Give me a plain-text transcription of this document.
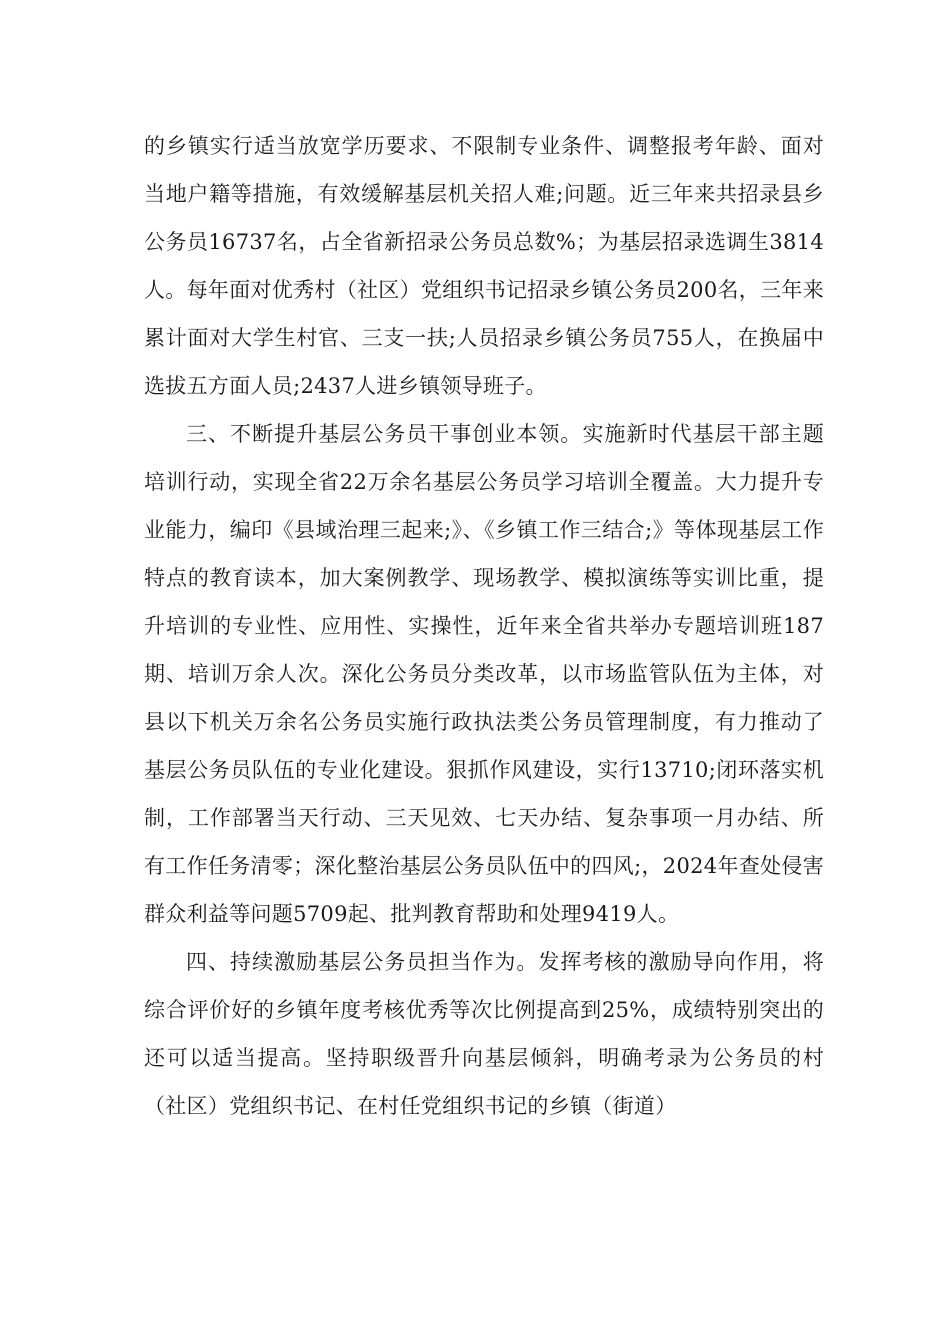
的乡镇实行适当放宽学历要求、不限制专业条件、调整报考年龄、面对当地户籍等措施，有效缓解基层机关招人难;问题。近三年来共招录县乡公务员16737名，占全省新招录公务员总数%；为基层招录选调生3814人。每年面对优秀村（社区）党组织书记招录乡镇公务员200名，三年来累计面对大学生村官、三支一扶;人员招录乡镇公务员755人，在换届中选拔五方面人员;2437人进乡镇领导班子。

三、不断提升基层公务员干事创业本领。实施新时代基层干部主题培训行动，实现全省22万余名基层公务员学习培训全覆盖。大力提升专业能力，编印《县域治理三起来;》、《乡镇工作三结合;》等体现基层工作特点的教育读本，加大案例教学、现场教学、模拟演练等实训比重，提升培训的专业性、应用性、实操性，近年来全省共举办专题培训班187期、培训万余人次。深化公务员分类改革，以市场监管队伍为主体，对县以下机关万余名公务员实施行政执法类公务员管理制度，有力推动了基层公务员队伍的专业化建设。狠抓作风建设，实行13710;闭环落实机制，工作部署当天行动、三天见效、七天办结、复杂事项一月办结、所有工作任务清零；深化整治基层公务员队伍中的四风;，2024年查处侵害群众利益等问题5709起、批判教育帮助和处理9419人。

四、持续激励基层公务员担当作为。发挥考核的激励导向作用，将综合评价好的乡镇年度考核优秀等次比例提高到25%，成绩特别突出的还可以适当提高。坚持职级晋升向基层倾斜，明确考录为公务员的村（社区）党组织书记、在村任党组织书记的乡镇（街道）
